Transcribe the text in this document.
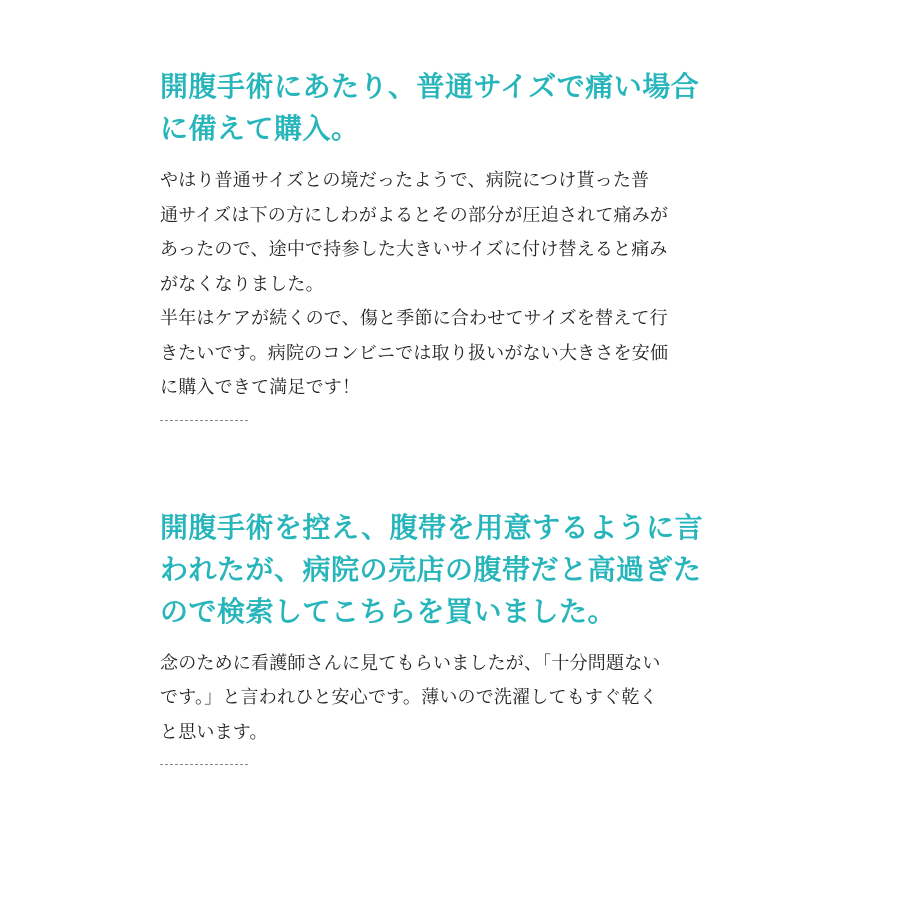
開腹手術にあたり、普通サイズで痛い場合
に備えて購入。
やはり普通サイズとの境だったようで、病院につけ貰った普
通サイズは下の方にしわがよるとその部分が圧迫されて痛みが
あったので、途中で持参した大きいサイズに付け替えると痛み
がなくなりました。
半年はケアが続くので、傷と季節に合わせてサイズを替えて行
きたいです。病院のコンビニでは取り扱いがない大きさを安価
に購入できて満足です！
開腹手術を控え、腹帯を用意するように言
われたが、病院の売店の腹帯だと高過ぎた
ので検索してこちらを買いました。
念のために看護師さんに見てもらいましたが、「十分問題ない
です。」と言われひと安心です。薄いので洗濯してもすぐ乾く
と思います。
